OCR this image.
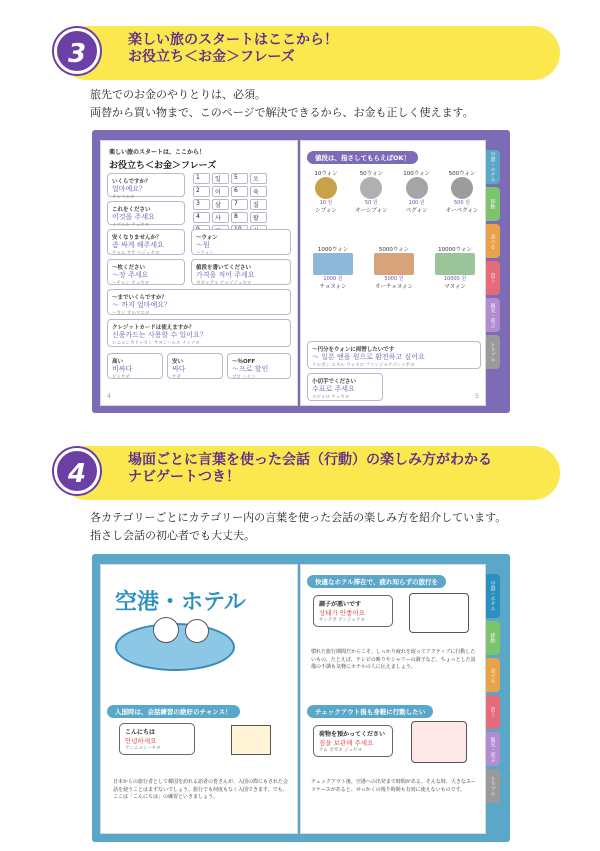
3	楽しい旅のスタートはここから！
お役立ち＜お金＞フレーズ
旅先でのお金のやりとりは、必須。
両替から買い物まで、このページで解決できるから、お金も正しく使えます。
楽しい旅のスタートは、ここから！
お役立ち＜お金＞フレーズ
いくらですか？
얼마예요？
オルマエヨ
これをください
이것을 주세요
イゴスル チュセヨ
1	일	5	오
2	이	6	육
3	삼	7	칠
4	사	8	팔
安くなりませんか？
좀 싸게 해주세요
チョム サゲ ヘジュセヨ
〜ウォン
〜원
〜ウォン
〜枚ください
〜장 주세요
〜チャン チュセヨ
値段を書いてください
가격을 적어 주세요
カギョグル チョゴジュセヨ
〜までいくらですか？
〜 까지 얼마예요？
〜カジ オルマエヨ
クレジットカードは使えますか？
신용카드는 사용할 수 있어요？
シニョンカドゥヌン サヨンハルス イッソヨ
高い
비싸다
ピッサダ
安い
싸다
サダ
〜％OFF
〜프로 할인
プロ ハリン
4
値段は、指さしてもらえばOK！
10ウォン
10 원
シブォン
50ウォン
50 원
オーシブォン
100ウォン
100 원
ペグォン
500ウォン
500 원
オーペグォン
1000ウォン
1000 원
チョヌォン
5000ウォン
5000 원
オーチョヌォン
10000ウォン
10000 원
マヌォン
〜円分をウォンに両替したいです
〜 일본 엔을 원으로 환전하고 싶어요
イルボン エヌル ウォヌロ ファンジョナゴシッポヨ
小切手でください
수표로 주세요
スピョロ チュセヨ	5
空港・ホテル
移動
食べる
買う
観光・遊ぶ
トラブル
4	場面ごとに言葉を使った会話（行動）の楽しみ方がわかる
ナビゲートつき！
各カテゴリーごとにカテゴリー内の言葉を使った会話の楽しみ方を紹介しています。
指さし会話の初心者でも大丈夫。
空港・ホテル
入国時は、会話練習の絶好のチャンス！
こんにちは
안녕하세요
アンニョンハセヨ
日本からの旅行者として韓国を訪れる語者の皆さんが、入国の際にもされた会話を使うことはまずないでしょう。旅行でも何度もなく入国できます。でも、ここは「こんにちは」の練習といきましょう。
快適なホテル滞在で、疲れ知らずの旅行を
調子が悪いです
상태가 안좋아요
サンテガ アンジョアヨ
慣れた旅行期間だからこそ、しっかり疲れを取ってアクティブに行動したいもの。たとえば、テレビの映りやシャワーの調子など、ちょっとした設備の不調も気軽にホテルの人に伝えましょう。
チェックアウト後も身軽に行動したい
荷物を預かってください
짐을 보관해 주세요
チム ボガネ ジュセヨ
チェックアウト後、空港への出発まで時間がある。そんな時、大きなスーツケースがあると、せっかくの残り時間も有効に使えないものです。
空港・ホテル
移動
食べる
買う
観光・遊ぶ
トラブル
